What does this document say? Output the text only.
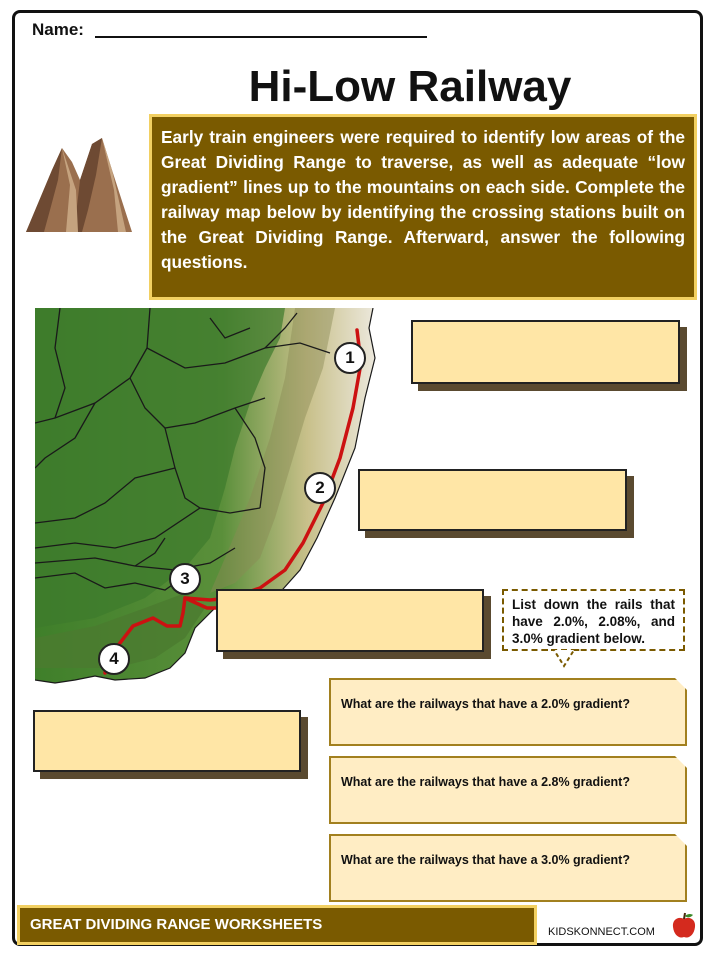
Name:
Hi-Low Railway
Early train engineers were required to identify low areas of the Great Dividing Range to traverse, as well as adequate “low gradient” lines up to the mountains on each side. Complete the railway map below by identifying the crossing stations built on the Great Dividing Range. Afterward, answer the following questions.
1
2
3
4
List down the rails that have 2.0%, 2.08%, and 3.0% gradient below.
What are the railways that have a 2.0% gradient?
What are the railways that have a 2.8% gradient?
What are the railways that have a 3.0% gradient?
GREAT DIVIDING RANGE WORKSHEETS	KIDSKONNECT.COM
